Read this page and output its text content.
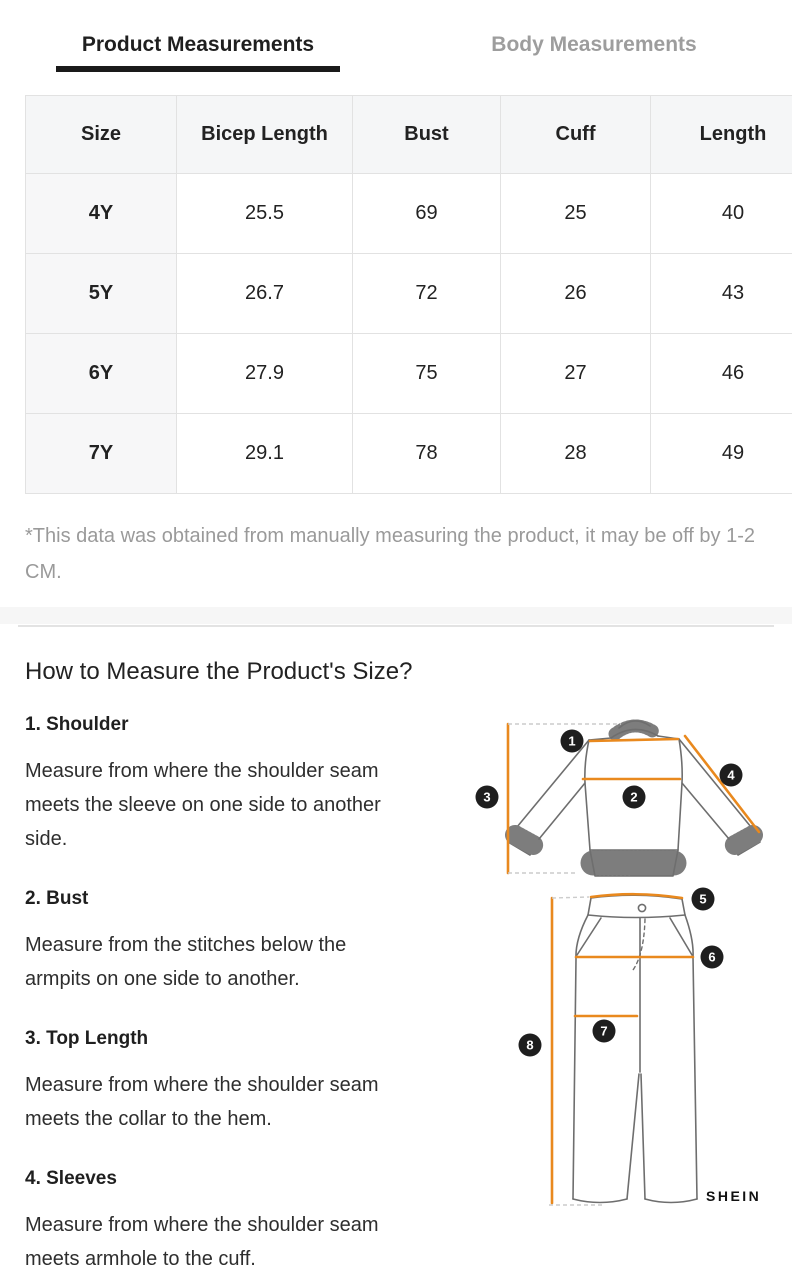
Product Measurements	Body Measurements
Size	Bicep Length	Bust	Cuff	Length
4Y	25.5	69	25	40
5Y	26.7	72	26	43
6Y	27.9	75	27	46
7Y	29.1	78	28	49

*This data was obtained from manually measuring the product, it may be off by 1-2 CM.

How to Measure the Product's Size?
1. Shoulder
Measure from where the shoulder seam meets the sleeve on one side to another side.
2. Bust
Measure from the stitches below the armpits on one side to another.
3. Top Length
Measure from where the shoulder seam meets the collar to the hem.
4. Sleeves
Measure from where the shoulder seam meets armhole to the cuff.
1
2
3
4
5
6
7
8
SHEIN
